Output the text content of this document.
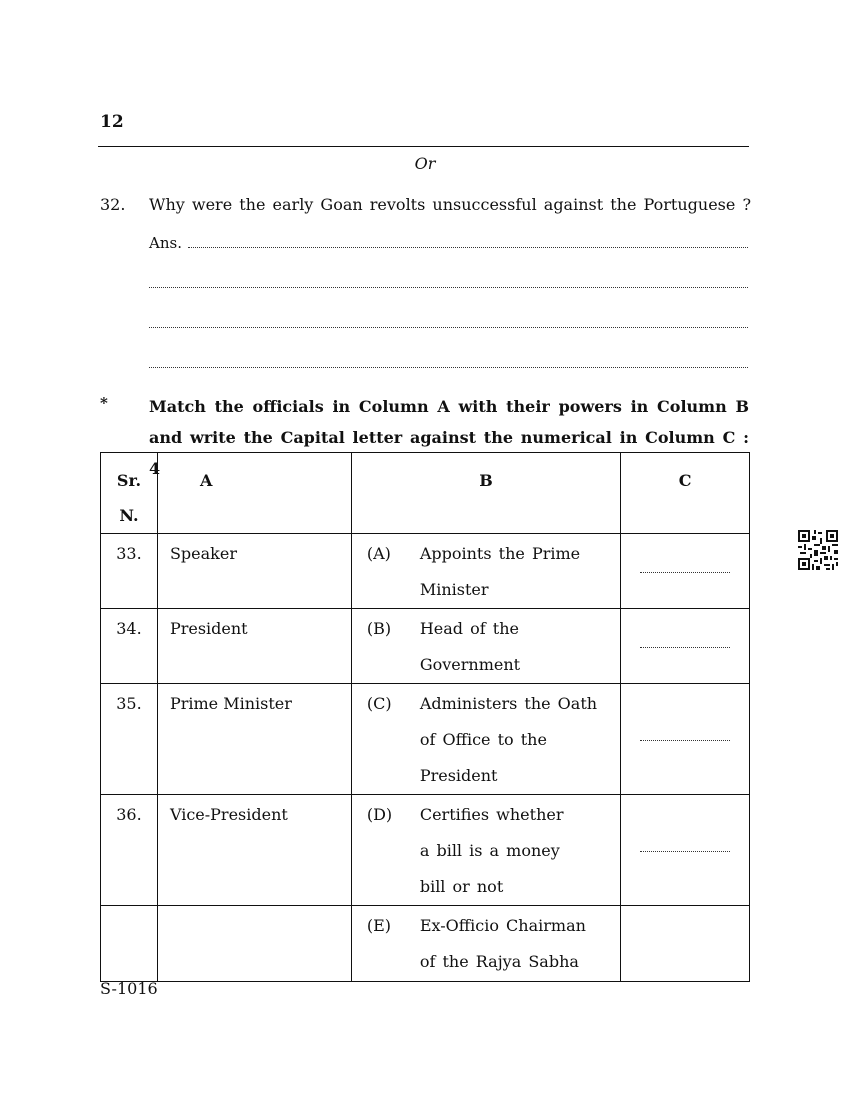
12
Or
32. Why were the early Goan revolts unsuccessful against the Portuguese ?
Ans.
*	Match the officials in Column A with their powers in Column B
and write the Capital letter against the numerical in Column C : 4
Sr.
N.	A	B	C
33.	Speaker	(A) Appoints the Prime
Minister	

34.	President	(B) Head of the
Government	

35.	Prime Minister	(C) Administers the Oath
of Office to the
President	

36.	Vice-President	(D) Certifies whether
a bill is a money
bill or not	

		(E) Ex-Officio Chairman
of the Rajya Sabha	

S-1016
